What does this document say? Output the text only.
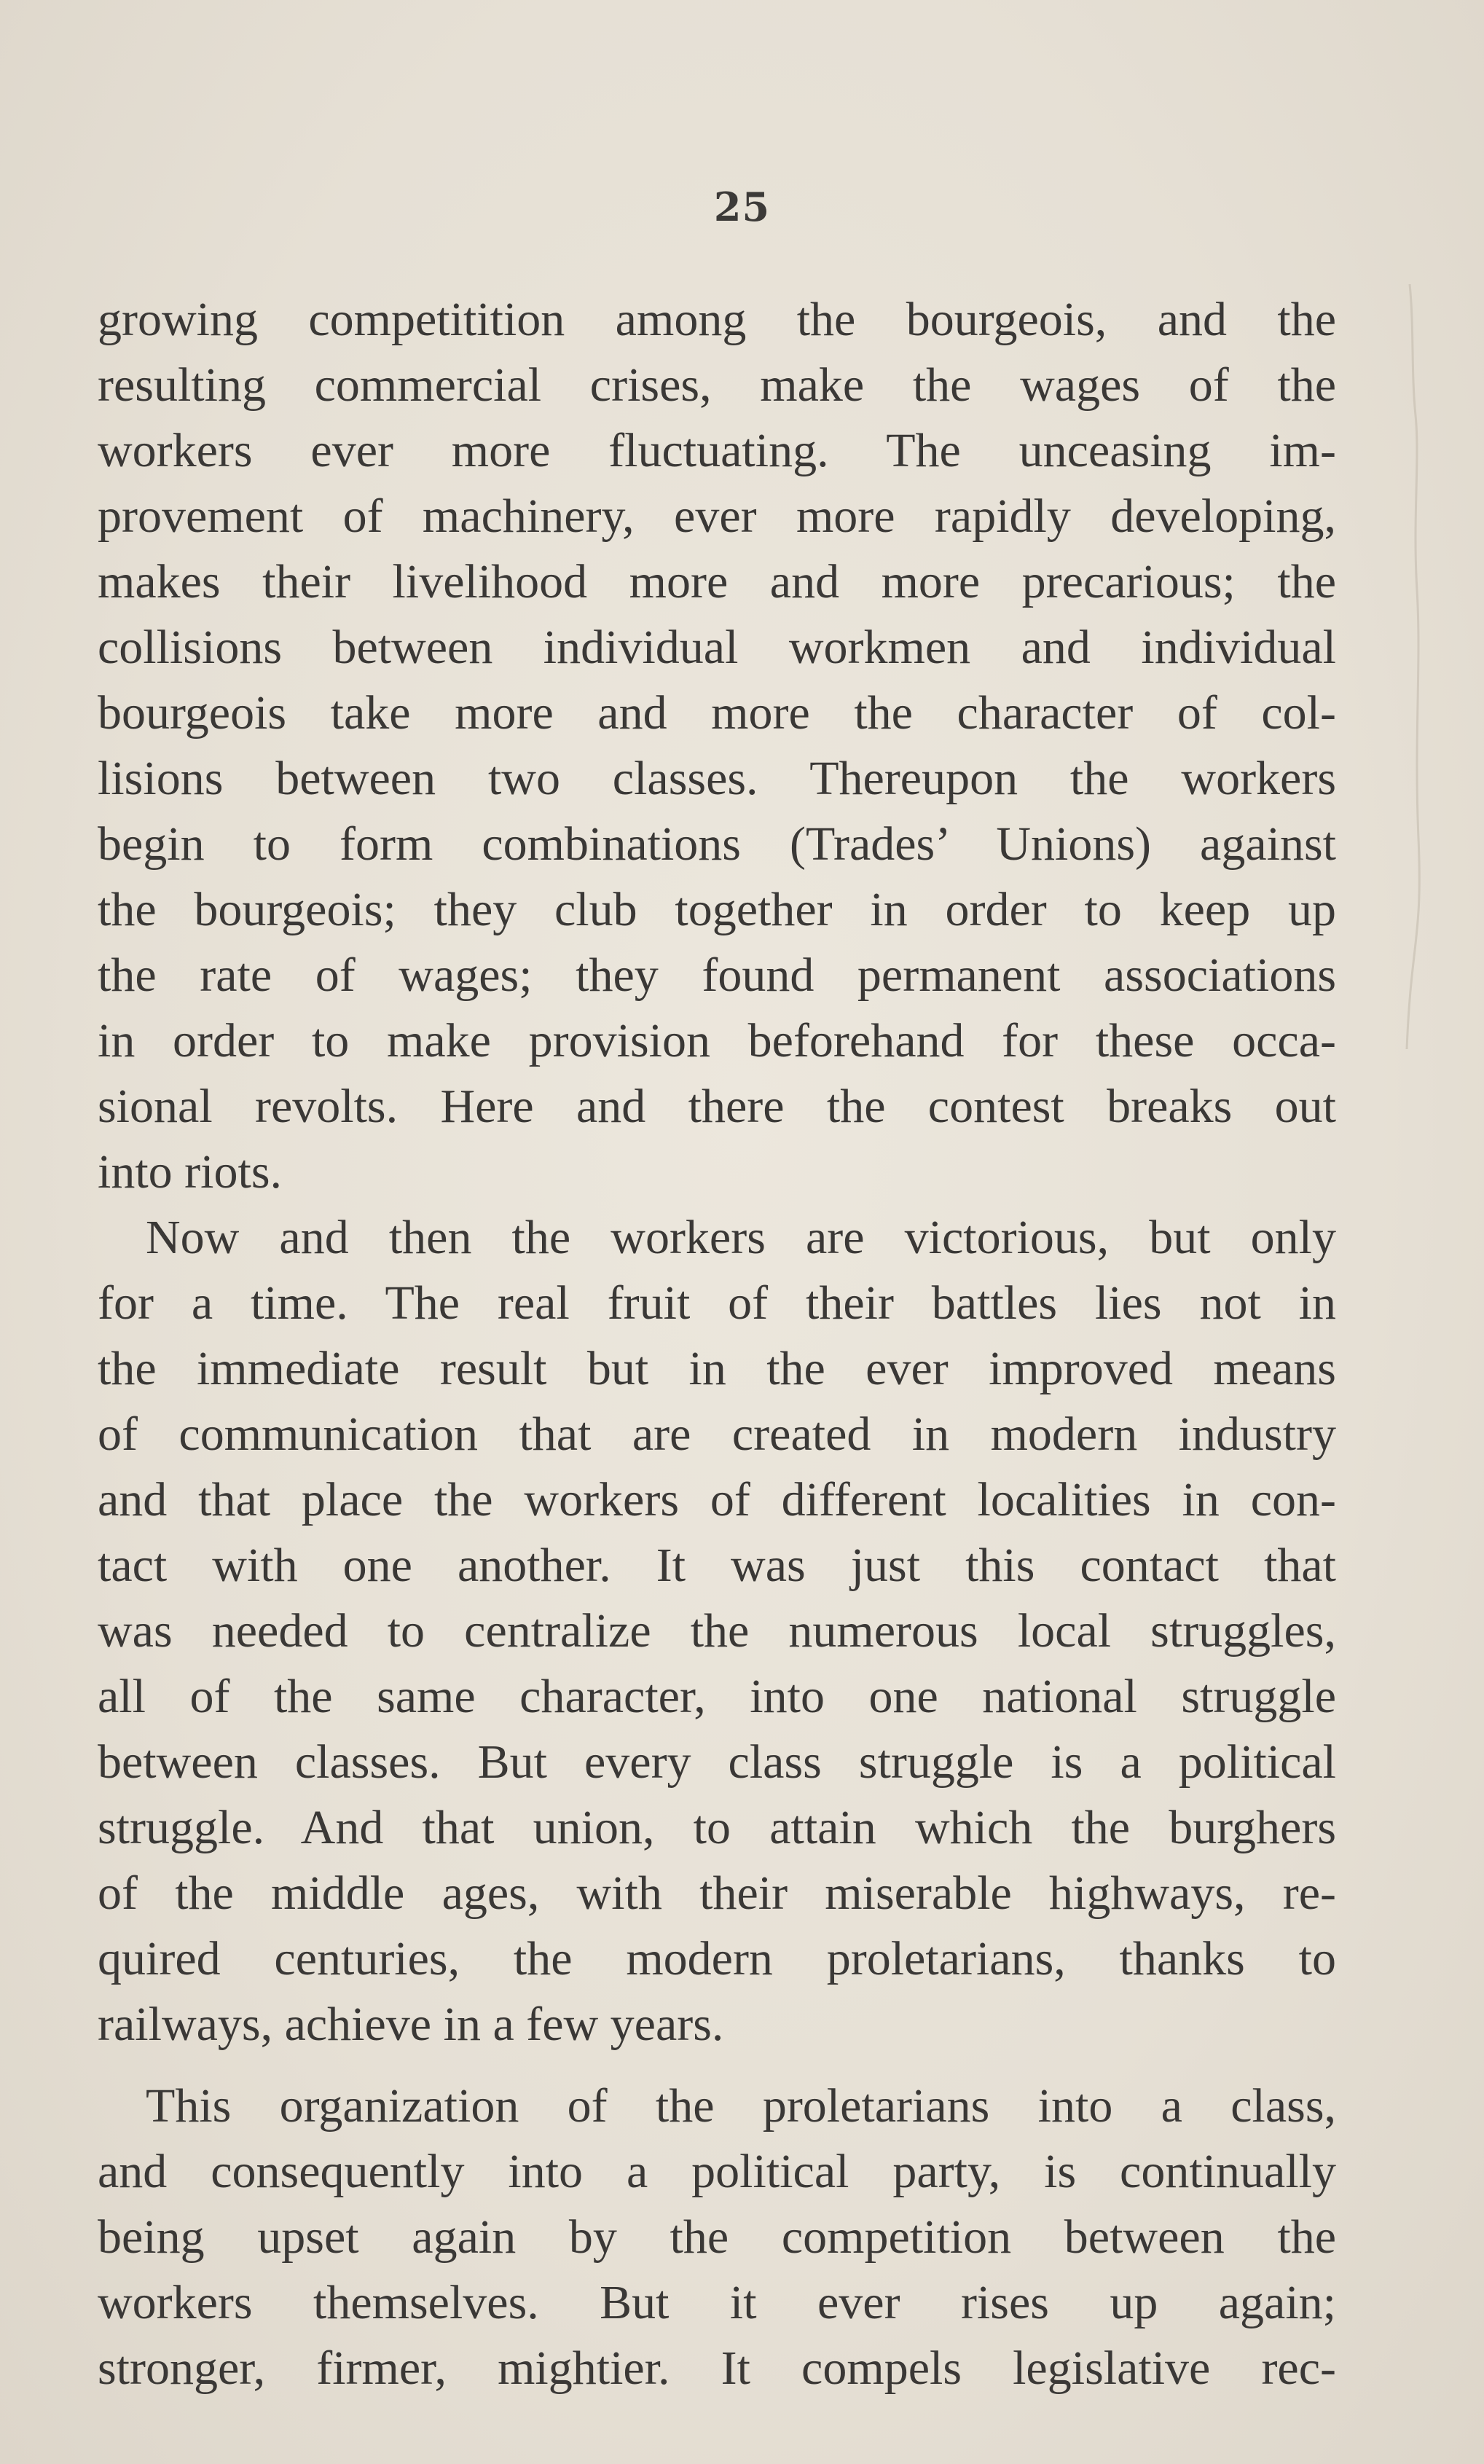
25
growing competitition among the bourgeois, and the
resulting commercial crises, make the wages of the
workers ever more fluctuating. The unceasing im-
provement of machinery, ever more rapidly developing,
makes their livelihood more and more precarious; the
collisions between individual workmen and individual
bourgeois take more and more the character of col-
lisions between two classes. Thereupon the workers
begin to form combinations (Trades’ Unions) against
the bourgeois; they club together in order to keep up
the rate of wages; they found permanent associations
in order to make provision beforehand for these occa-
sional revolts. Here and there the contest breaks out
into riots.
Now and then the workers are victorious, but only
for a time. The real fruit of their battles lies not in
the immediate result but in the ever improved means
of communication that are created in modern industry
and that place the workers of different localities in con-
tact with one another. It was just this contact that
was needed to centralize the numerous local struggles,
all of the same character, into one national struggle
between classes. But every class struggle is a political
struggle. And that union, to attain which the burghers
of the middle ages, with their miserable highways, re-
quired centuries, the modern proletarians, thanks to
railways, achieve in a few years.
This organization of the proletarians into a class,
and consequently into a political party, is continually
being upset again by the competition between the
workers themselves. But it ever rises up again;
stronger, firmer, mightier. It compels legislative rec-
